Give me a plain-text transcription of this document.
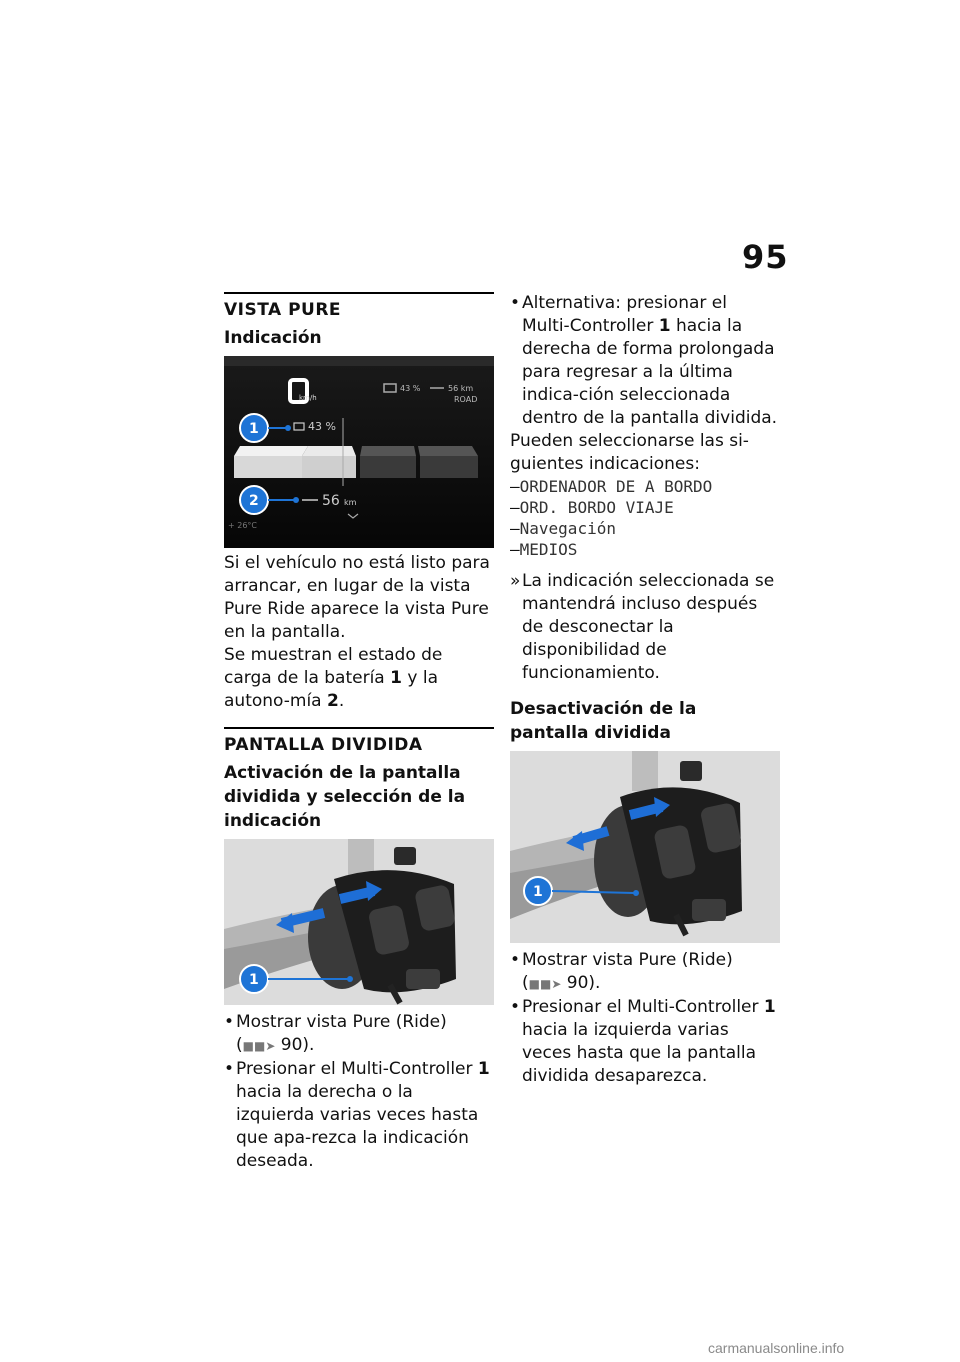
95
VISTA PURE
Indicación
km/h
43 %	56 km
ROAD
1	43 %
2	56 km
+ 26°C
Si el vehículo no está listo para arrancar, en lugar de la vista Pure Ride aparece la vista Pure en la pantalla.
Se muestran el estado de carga de la batería 1 y la autono-mía 2.
PANTALLA DIVIDIDA
Activación de la pantalla dividida y selección de la indicación
1
• Mostrar vista Pure (Ride)
(■■➤ 90).
• Presionar el Multi-Controller 1 hacia la derecha o la izquierda varias veces hasta que apa-rezca la indicación deseada.
• Alternativa: presionar el Multi-Controller 1 hacia la derecha de forma prolongada para regresar a la última indica-ción seleccionada dentro de la pantalla dividida.
Pueden seleccionarse las si-guientes indicaciones:
– ORDENADOR DE A BORDO
– ORD. BORDO VIAJE
– Navegación
– MEDIOS
» La indicación seleccionada se mantendrá incluso después de desconectar la disponibilidad de funcionamiento.
Desactivación de la pantalla dividida
1
• Mostrar vista Pure (Ride)
(■■➤ 90).
• Presionar el Multi-Controller 1 hacia la izquierda varias veces hasta que la pantalla dividida desaparezca.
carmanualsonline.info
